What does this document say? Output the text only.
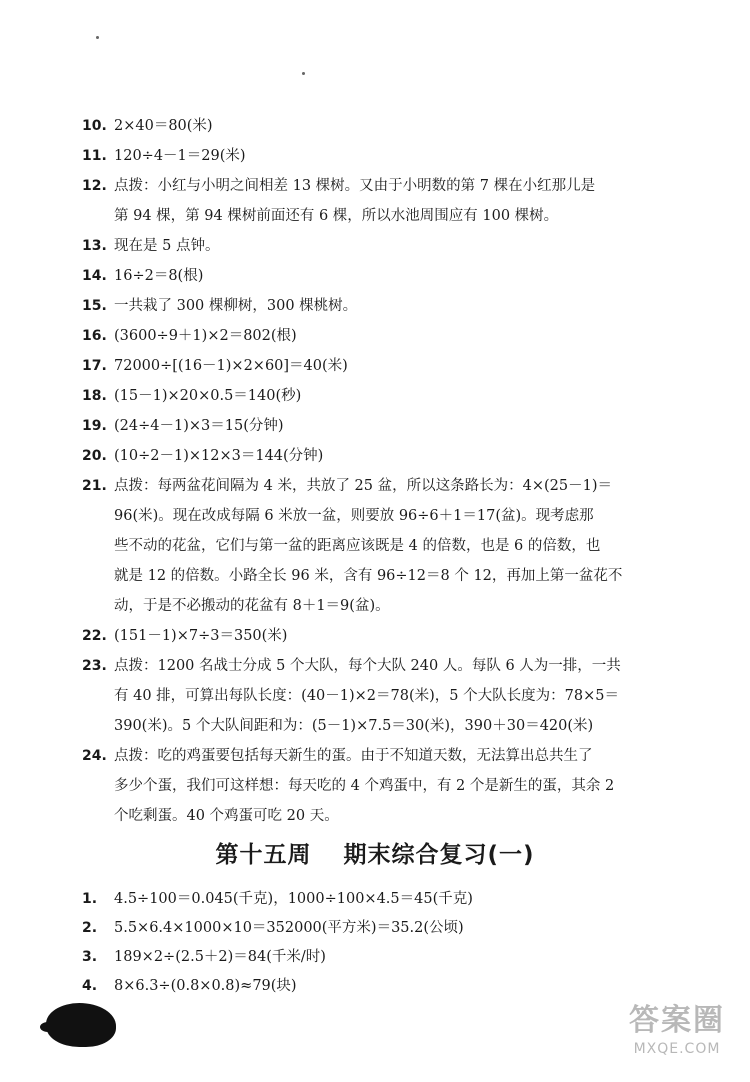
10. 2×40＝80(米)
11. 120÷4－1＝29(米)
12. 点拨：小红与小明之间相差 13 棵树。又由于小明数的第 7 棵在小红那儿是
第 94 棵，第 94 棵树前面还有 6 棵，所以水池周围应有 100 棵树。
13. 现在是 5 点钟。
14. 16÷2＝8(根)
15. 一共栽了 300 棵柳树，300 棵桃树。
16. (3600÷9＋1)×2＝802(根)
17. 72000÷[(16－1)×2×60]＝40(米)
18. (15－1)×20×0.5＝140(秒)
19. (24÷4－1)×3＝15(分钟)
20. (10÷2－1)×12×3＝144(分钟)
21. 点拨：每两盆花间隔为 4 米，共放了 25 盆，所以这条路长为：4×(25－1)＝
96(米)。现在改成每隔 6 米放一盆，则要放 96÷6＋1＝17(盆)。现考虑那
些不动的花盆，它们与第一盆的距离应该既是 4 的倍数，也是 6 的倍数，也
就是 12 的倍数。小路全长 96 米，含有 96÷12＝8 个 12，再加上第一盆花不
动，于是不必搬动的花盆有 8＋1＝9(盆)。
22. (151－1)×7÷3＝350(米)
23. 点拨：1200 名战士分成 5 个大队，每个大队 240 人。每队 6 人为一排，一共
有 40 排，可算出每队长度：(40－1)×2＝78(米)，5 个大队长度为：78×5＝
390(米)。5 个大队间距和为：(5－1)×7.5＝30(米)，390＋30＝420(米)
24. 点拨：吃的鸡蛋要包括每天新生的蛋。由于不知道天数，无法算出总共生了
多少个蛋，我们可这样想：每天吃的 4 个鸡蛋中，有 2 个是新生的蛋，其余 2
个吃剩蛋。40 个鸡蛋可吃 20 天。
第十五周 期末综合复习(一)
1. 4.5÷100＝0.045(千克)，1000÷100×4.5＝45(千克)
2. 5.5×6.4×1000×10＝352000(平方米)＝35.2(公顷)
3. 189×2÷(2.5＋2)＝84(千米/时)
4. 8×6.3÷(0.8×0.8)≈79(块)
答案圈
MXQE.COM
